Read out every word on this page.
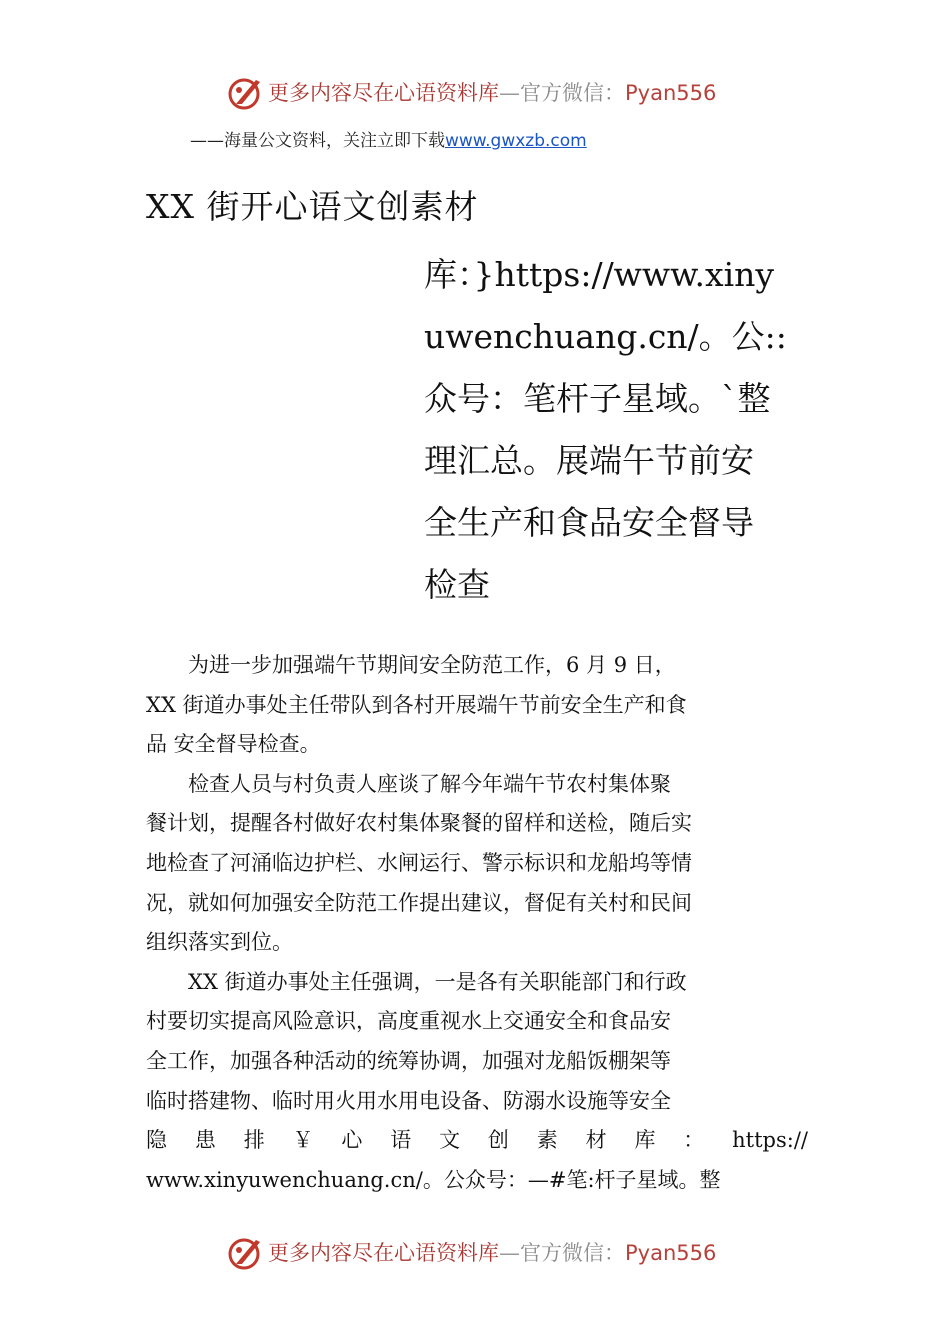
更多内容尽在心语资料库—官方微信：Pyan556
——海量公文资料，关注立即下载www.gwxzb.com
XX 街开心语文创素材
库：}https://www.xiny
uwenchuang.cn/。公::
众号：笔杆子星域。`整
理汇总。展端午节前安
全生产和食品安全督导
检查

　　为进一步加强端午节期间安全防范工作，6 月 9 日，
XX 街道办事处主任带队到各村开展端午节前安全生产和食
品 安全督导检查。

　　检查人员与村负责人座谈了解今年端午节农村集体聚
餐计划，提醒各村做好农村集体聚餐的留样和送检，随后实
地检查了河涌临边护栏、水闸运行、警示标识和龙船坞等情
况，就如何加强安全防范工作提出建议，督促有关村和民间
组织落实到位。

　　XX 街道办事处主任强调，一是各有关职能部门和行政
村要切实提高风险意识，高度重视水上交通安全和食品安
全工作，加强各种活动的统筹协调，加强对龙船饭棚架等
临时搭建物、临时用火用水用电设备、防溺水设施等安全
隐 患 排 ￥ 心 语 文 创 素 材 库 ： https://
www.xinyuwenchuang.cn/。公众号：—#笔:杆子星域。整

更多内容尽在心语资料库—官方微信：Pyan556
